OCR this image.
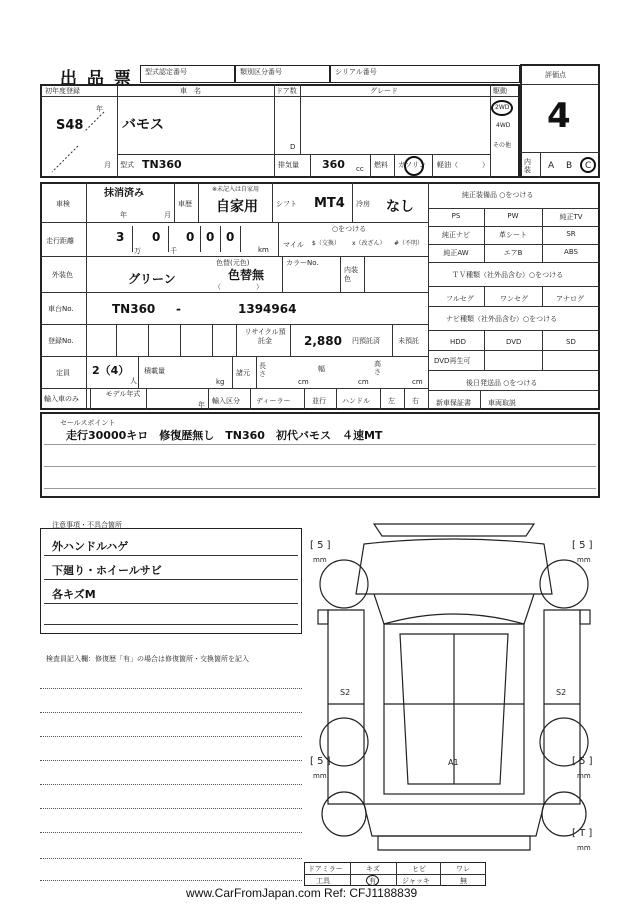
出 品 票 型式認定番号	類別区分番号	シリアル番号
初年度登録
S48
年
月
車　名
バモス
ドア数
D
グレード	駆動
2WD
4WD
その他
型式 TN360	排気量 360 cc 燃料 ガソリン 軽油（	）
評価点
4
内装	A B C
車検
抹消済み
年	月
車歴
※未記入は自家用
自家用	シフト MT4 冷房 なし
走行距離	3
万
0
千
0 0 0
km
○をつける
マイル $（交換） x（改ざん） #（不明）
外装色	グリーン
色替(元色)
色替無
（　　　　　）
カラーNo.
内装色
車台No.	TN360 -	1394964
登録No.
リサイクル預託金	2,880 円預託済	未預託
定員 2（4）
人
積載量
kg
諸元
長さ
cm
幅
cm
高さ
cm
輸入車のみ
モデル年式
年 輸入区分 ディーラー	並行 ハンドル	左 右
純正装備品 ○をつける
PS	PW	純正TV
純正ナビ	革シート	SR
純正AW	エアB	ABS
ＴＶ種類（社外品含む）○をつける
フルセグ	ワンセグ	アナログ
ナビ種類（社外品含む）○をつける
HDD	DVD	SD
DVD再生可
後日発送品 ○をつける
新車保証書 車両取説
セールスポイント
走行30000キロ　修復歴無し　TN360　初代バモス　４速MT
注意事項・不具合箇所
外ハンドルハゲ
下廻り・ホイールサビ
各キズM
検査員記入欄：修復歴「有」の場合は修復箇所・交換箇所を記入
S2	S2
A1
[ 5 ]
mm
[ 5 ]
mm
[ 5 ]
mm
[ 5 ]
mm
[ T ]
mm
ドアミラー	キズ	ヒビ	ワレ
工具	有	ジャッキ	無
www.CarFromJapan.com Ref: CFJ1188839
